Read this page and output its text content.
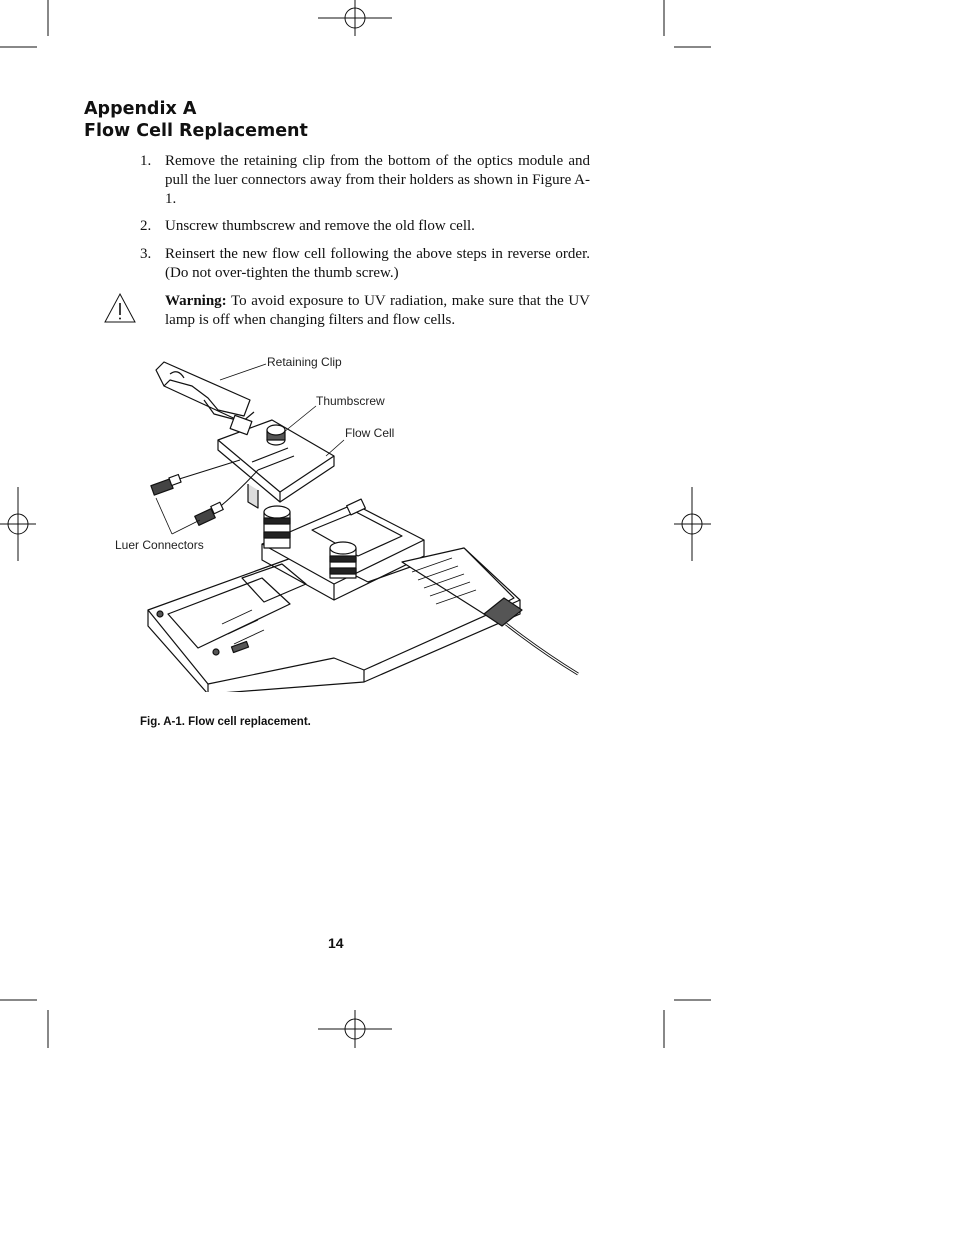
Appendix A
Flow Cell Replacement
1. Remove the retaining clip from the bottom of the optics module and pull the luer connectors away from their holders as shown in Figure A-1.
2. Unscrew thumbscrew and remove the old flow cell.
3. Reinsert the new flow cell following the above steps in reverse order. (Do not over-tighten the thumb screw.)
Warning: To avoid exposure to UV radiation, make sure that the UV lamp is off when changing filters and flow cells.
Retaining Clip
Thumbscrew
Flow Cell
Luer Connectors
Fig. A-1. Flow cell replacement.
14
